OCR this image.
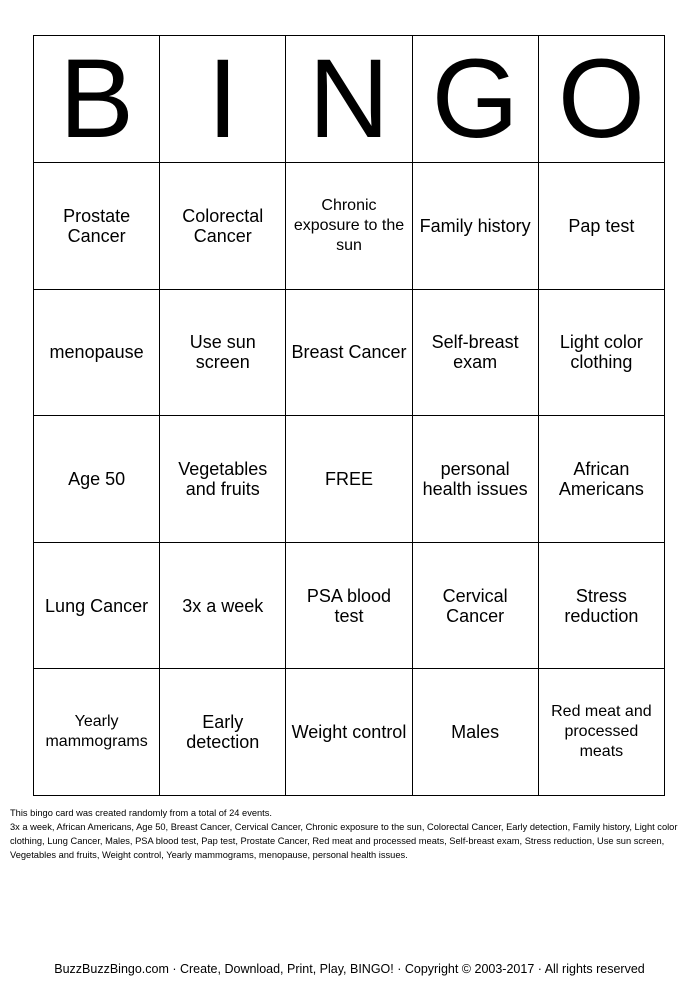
B	I	N	G	O
Prostate Cancer	Colorectal Cancer	Chronic exposure to the sun	Family history	Pap test
menopause	Use sun screen	Breast Cancer	Self-breast exam	Light color clothing
Age 50	Vegetables and fruits	FREE	personal health issues	African Americans
Lung Cancer	3x a week	PSA blood test	Cervical Cancer	Stress reduction
Yearly mammograms	Early detection	Weight control	Males	Red meat and processed meats
This bingo card was created randomly from a total of 24 events.
3x a week, African Americans, Age 50, Breast Cancer, Cervical Cancer, Chronic exposure to the sun, Colorectal Cancer, Early detection, Family history, Light color clothing, Lung Cancer, Males, PSA blood test, Pap test, Prostate Cancer, Red meat and processed meats, Self-breast exam, Stress reduction, Use sun screen, Vegetables and fruits, Weight control, Yearly mammograms, menopause, personal health issues.
BuzzBuzzBingo.com · Create, Download, Print, Play, BINGO! · Copyright © 2003-2017 · All rights reserved
